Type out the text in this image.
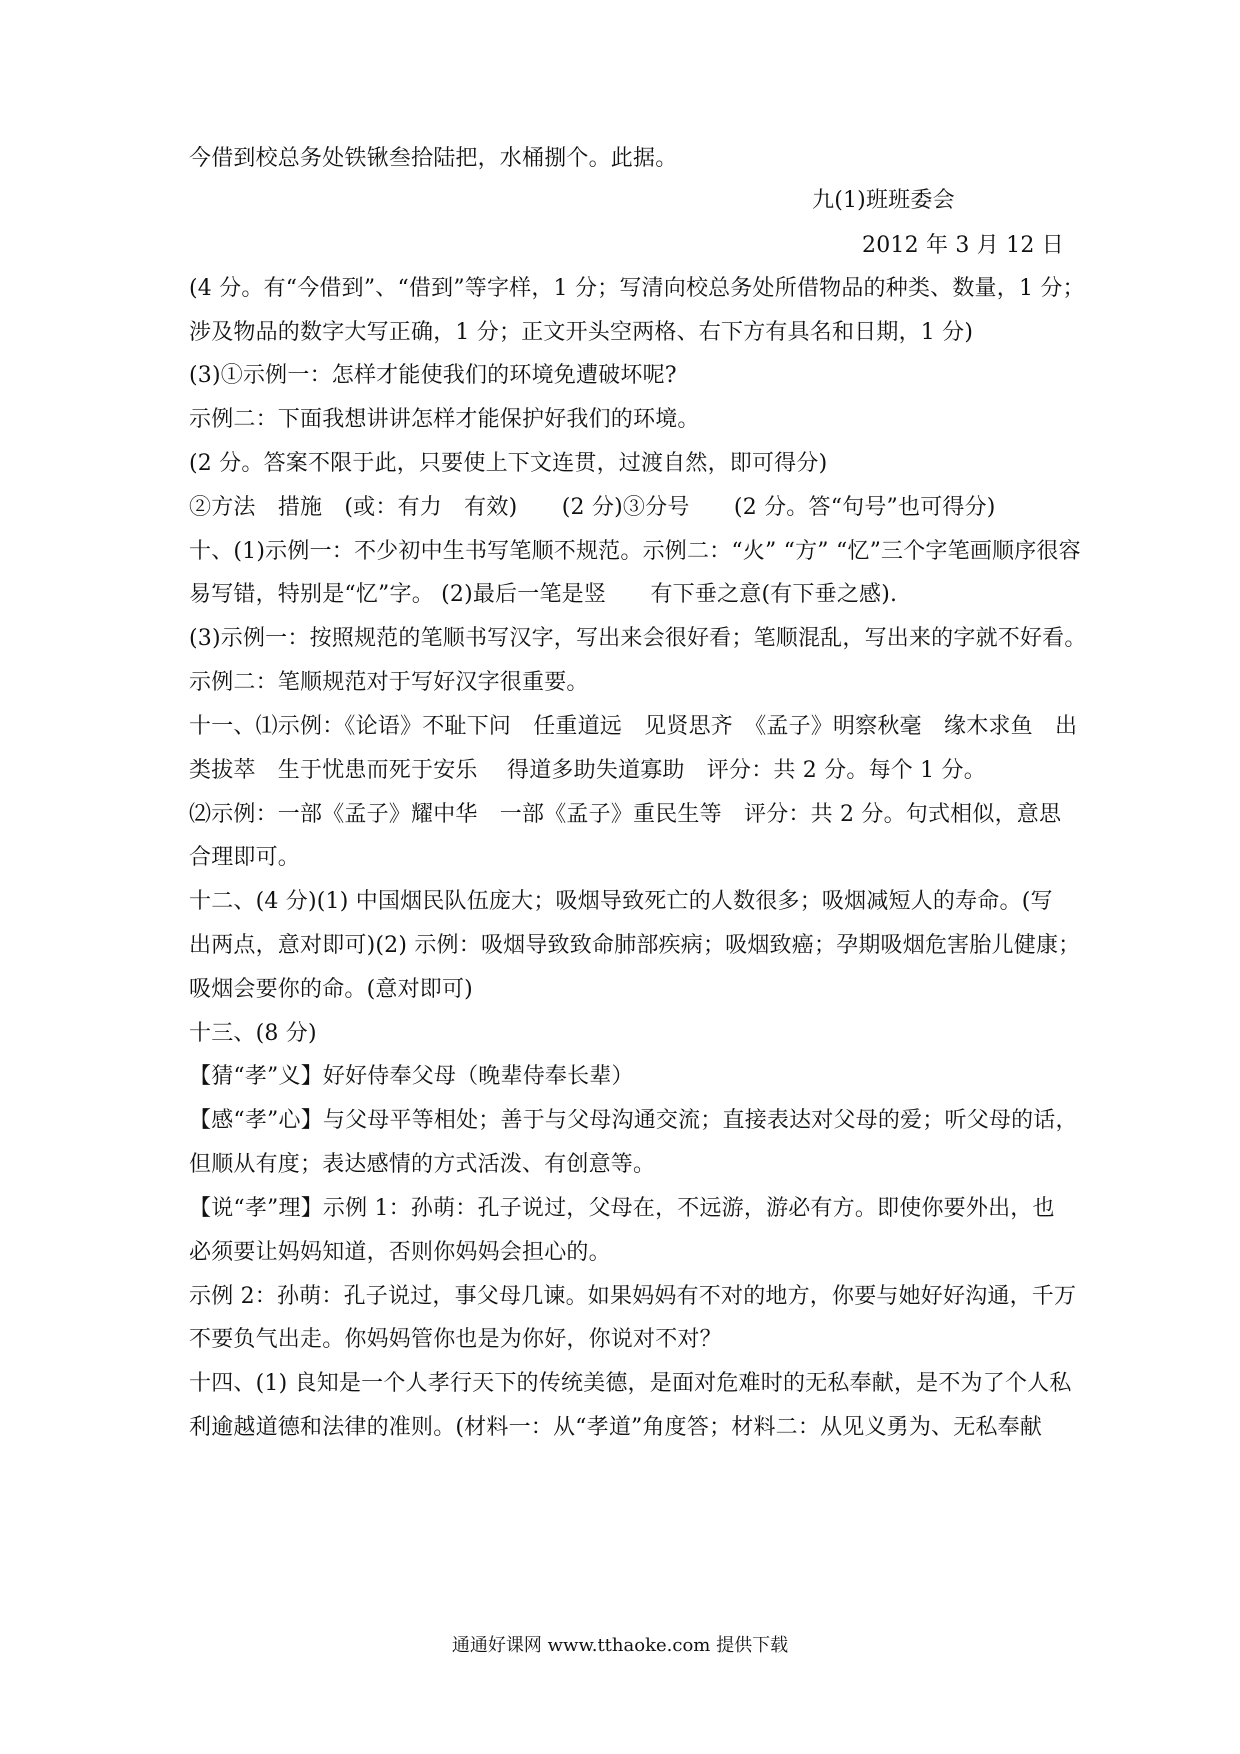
今借到校总务处铁锹叁拾陆把，水桶捌个。此据。
九(1)班班委会
2012 年 3 月 12 日
(4 分。有“今借到”、“借到”等字样，1 分；写清向校总务处所借物品的种类、数量，1 分；
涉及物品的数字大写正确，1 分；正文开头空两格、右下方有具名和日期，1 分)
(3)①示例一：怎样才能使我们的环境免遭破坏呢?
示例二：下面我想讲讲怎样才能保护好我们的环境。
(2 分。答案不限于此，只要使上下文连贯，过渡自然，即可得分)
②方法　措施　(或：有力　有效)　　(2 分)③分号　　(2 分。答“句号”也可得分)
十、(1)示例一：不少初中生书写笔顺不规范。示例二：“火” “方” “忆”三个字笔画顺序很容
易写错，特别是“忆”字。 (2)最后一笔是竖　　有下垂之意(有下垂之感).
(3)示例一：按照规范的笔顺书写汉字，写出来会很好看；笔顺混乱，写出来的字就不好看。
示例二：笔顺规范对于写好汉字很重要。
十一、⑴示例：《论语》不耻下问　任重道远　见贤思齐　《孟子》明察秋毫　缘木求鱼　出
类拔萃　生于忧患而死于安乐　 得道多助失道寡助　评分：共 2 分。每个 1 分。
⑵示例：一部《孟子》耀中华　一部《孟子》重民生等　评分：共 2 分。句式相似，意思
合理即可。
十二、(4 分)(1) 中国烟民队伍庞大；吸烟导致死亡的人数很多；吸烟减短人的寿命。(写
出两点，意对即可)(2) 示例：吸烟导致致命肺部疾病；吸烟致癌；孕期吸烟危害胎儿健康；
吸烟会要你的命。(意对即可)
十三、(8 分)
【猜“孝”义】好好侍奉父母（晚辈侍奉长辈）
【感“孝”心】与父母平等相处；善于与父母沟通交流；直接表达对父母的爱；听父母的话，
但顺从有度；表达感情的方式活泼、有创意等。
【说“孝”理】示例 1：孙萌：孔子说过，父母在，不远游，游必有方。即使你要外出，也
必须要让妈妈知道，否则你妈妈会担心的。
示例 2：孙萌：孔子说过，事父母几谏。如果妈妈有不对的地方，你要与她好好沟通，千万
不要负气出走。你妈妈管你也是为你好，你说对不对？
十四、(1) 良知是一个人孝行天下的传统美德，是面对危难时的无私奉献，是不为了个人私
利逾越道德和法律的准则。(材料一：从“孝道”角度答；材料二：从见义勇为、无私奉献
通通好课网 www.tthaoke.com 提供下载
